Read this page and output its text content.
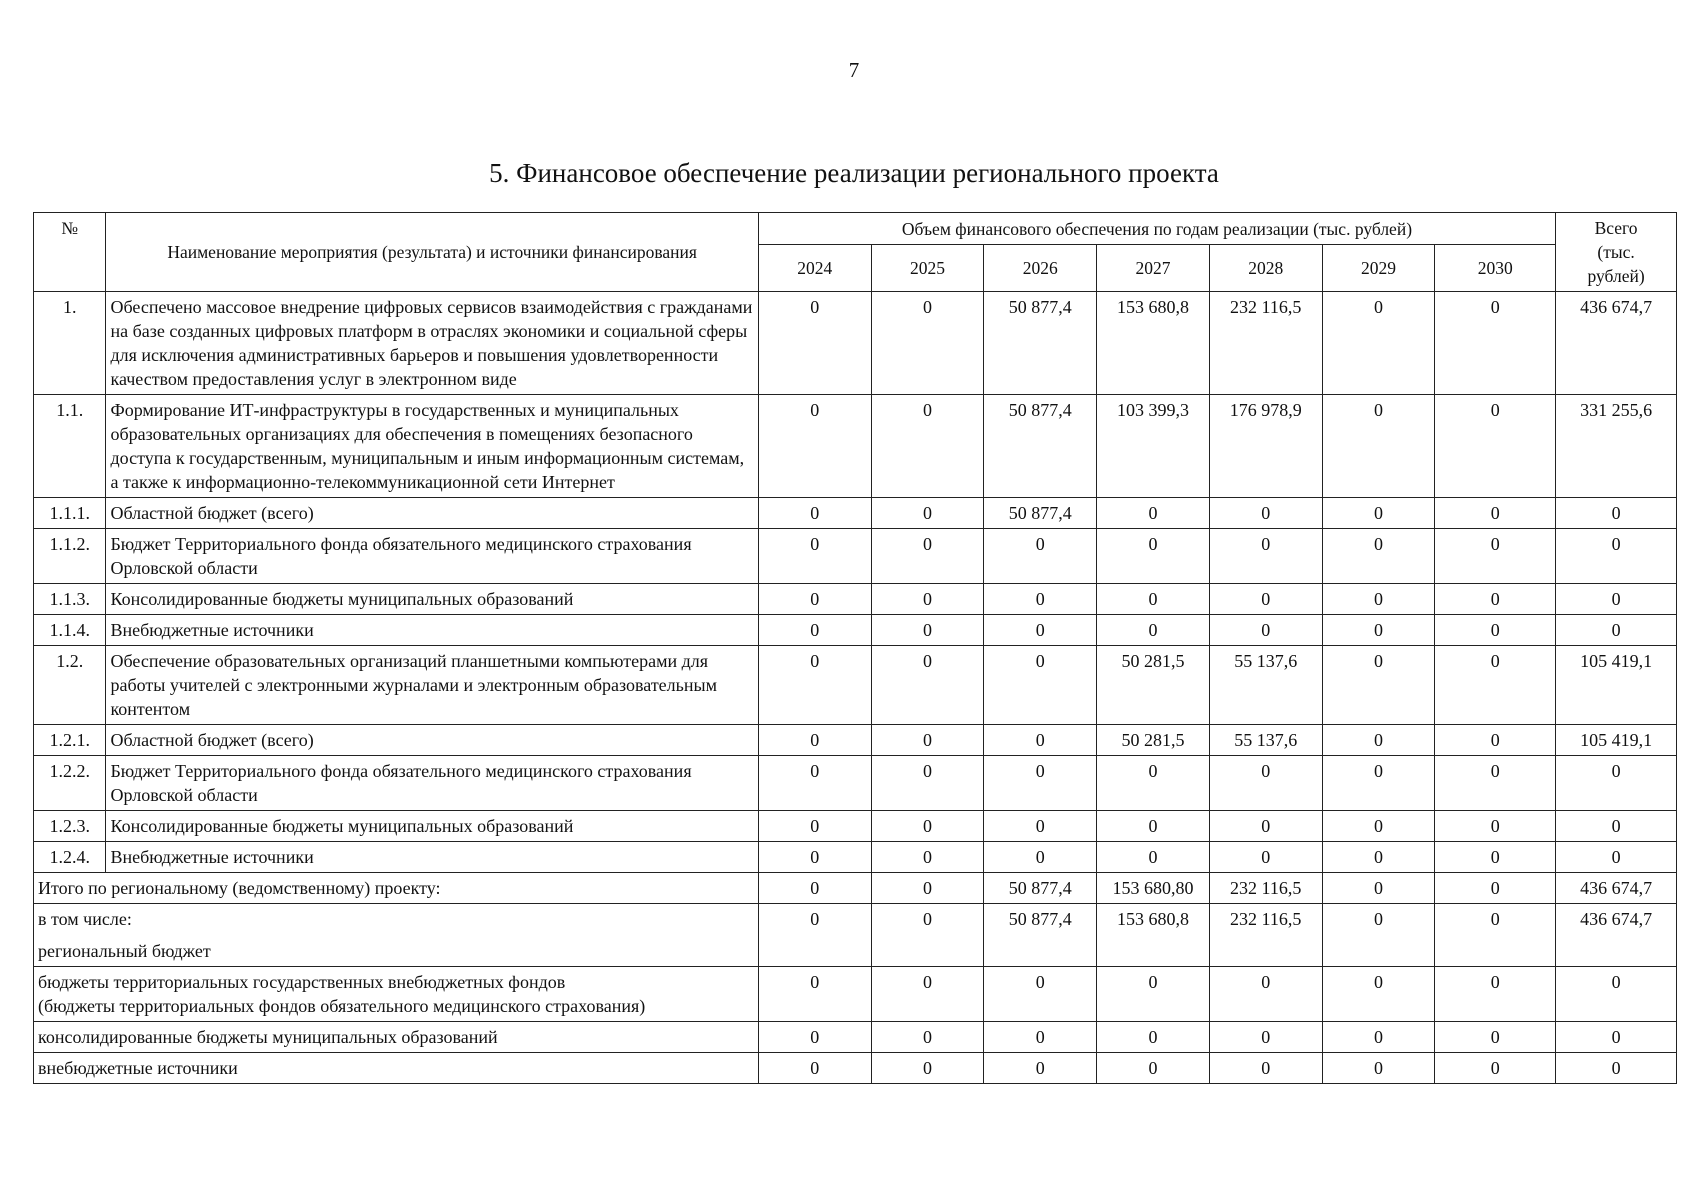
7
5. Финансовое обеспечение реализации регионального проекта
№	Наименование мероприятия (результата) и источники финансирования	Объем финансового обеспечения по годам реализации (тыс. рублей)							Всего
(тыс.
рублей)

		2024	2025	2026	2027	2028	2029	2030	
1.	Обеспечено массовое внедрение цифровых сервисов взаимодействия с гражданами на базе созданных цифровых платформ в отраслях экономики и социальной сферы для исключения административных барьеров и повышения удовлетворенности качеством предоставления услуг в электронном виде	0	0	50 877,4	153 680,8	232 116,5	0	0	436 674,7
1.1.	Формирование ИТ-инфраструктуры в государственных и муниципальных образовательных организациях для обеспечения в помещениях безопасного доступа к государственным, муниципальным и иным информационным системам, а также к информационно-телекоммуникационной сети Интернет	0	0	50 877,4	103 399,3	176 978,9	0	0	331 255,6
1.1.1.	Областной бюджет (всего)	0	0	50 877,4	0	0	0	0	0
1.1.2.	Бюджет Территориального фонда обязательного медицинского страхования Орловской области	0	0	0	0	0	0	0	0
1.1.3.	Консолидированные бюджеты муниципальных образований	0	0	0	0	0	0	0	0
1.1.4.	Внебюджетные источники	0	0	0	0	0	0	0	0
1.2.	Обеспечение образовательных организаций планшетными компьютерами для работы учителей с электронными журналами и электронным образовательным контентом	0	0	0	50 281,5	55 137,6	0	0	105 419,1
1.2.1.	Областной бюджет (всего)	0	0	0	50 281,5	55 137,6	0	0	105 419,1
1.2.2.	Бюджет Территориального фонда обязательного медицинского страхования Орловской области	0	0	0	0	0	0	0	0
1.2.3.	Консолидированные бюджеты муниципальных образований	0	0	0	0	0	0	0	0
1.2.4.	Внебюджетные источники	0	0	0	0	0	0	0	0
Итого по региональному (ведомственному) проекту:		0	0	50 877,4	153 680,80	232 116,5	0	0	436 674,7

в том числе:
региональный бюджет		0	0	50 877,4	153 680,8	232 116,5	0	0	436 674,7

бюджеты территориальных государственных внебюджетных фондов
(бюджеты территориальных фондов обязательного медицинского страхования)		0	0	0	0	0	0	0	0

консолидированные бюджеты муниципальных образований		0	0	0	0	0	0	0	0

внебюджетные источники		0	0	0	0	0	0	0	0
